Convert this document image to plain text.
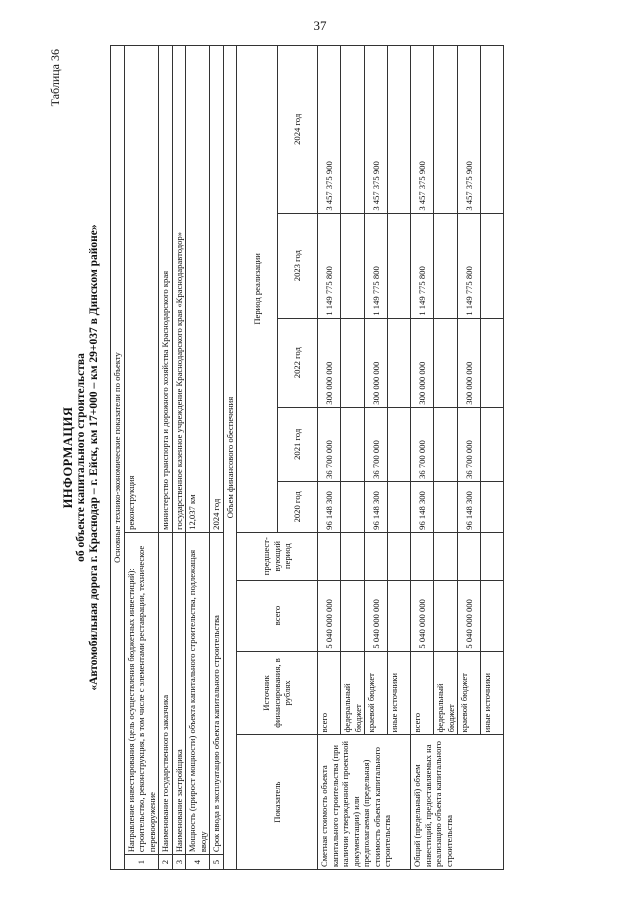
37
Таблица 36
ИНФОРМАЦИЯ об объекте капитального строительства «Автомобильная дорога г. Краснодар – г. Ейск, км 17+000 – км 29+037 в Динском районе» Основные технико-экономические показатели по объекту									
1	Направление инвестирования (цель осуществления бюджетных инвестиций): строительство, реконструкция, в том числе с элементами реставрации, техническое перевооружение				реконструкция				
2	Наименование государственного заказчика				министерство транспорта и дорожного хозяйства Краснодарского края				
3	Наименование застройщика				государственное казенное учреждение Краснодарского края «Краснодаравтодор»				
4	Мощность (прирост мощности) объекта капитального строительства, подлежащая вводу				12,037 км				
5	Срок ввода в эксплуатацию объекта капитального строительства				2024 год				
Объем финансового обеспечения									
Показатель		Источник финансирования, в рублях	всего	предшест-вующий период	Период реализации				
					2020 год	2021 год	2022 год	2023 год	2024 год
Сметная стоимость объекта капитального строительства (при наличии утвержденной проектной документации) или предполагаемая (предельная) стоимость объекта капитального строительства		всего	5 040 000 000		96 148 300	36 700 000	300 000 000	1 149 775 800	3 457 375 900
		федеральный бюджет							
		краевой бюджет	5 040 000 000		96 148 300	36 700 000	300 000 000	1 149 775 800	3 457 375 900
		иные источники							
Общий (предельный) объем инвестиций, предоставляемых на реализацию объекта капитального строительства		всего	5 040 000 000		96 148 300	36 700 000	300 000 000	1 149 775 800	3 457 375 900
		федеральный бюджет							
		краевой бюджет	5 040 000 000		96 148 300	36 700 000	300 000 000	1 149 775 800	3 457 375 900
		иные источники							
